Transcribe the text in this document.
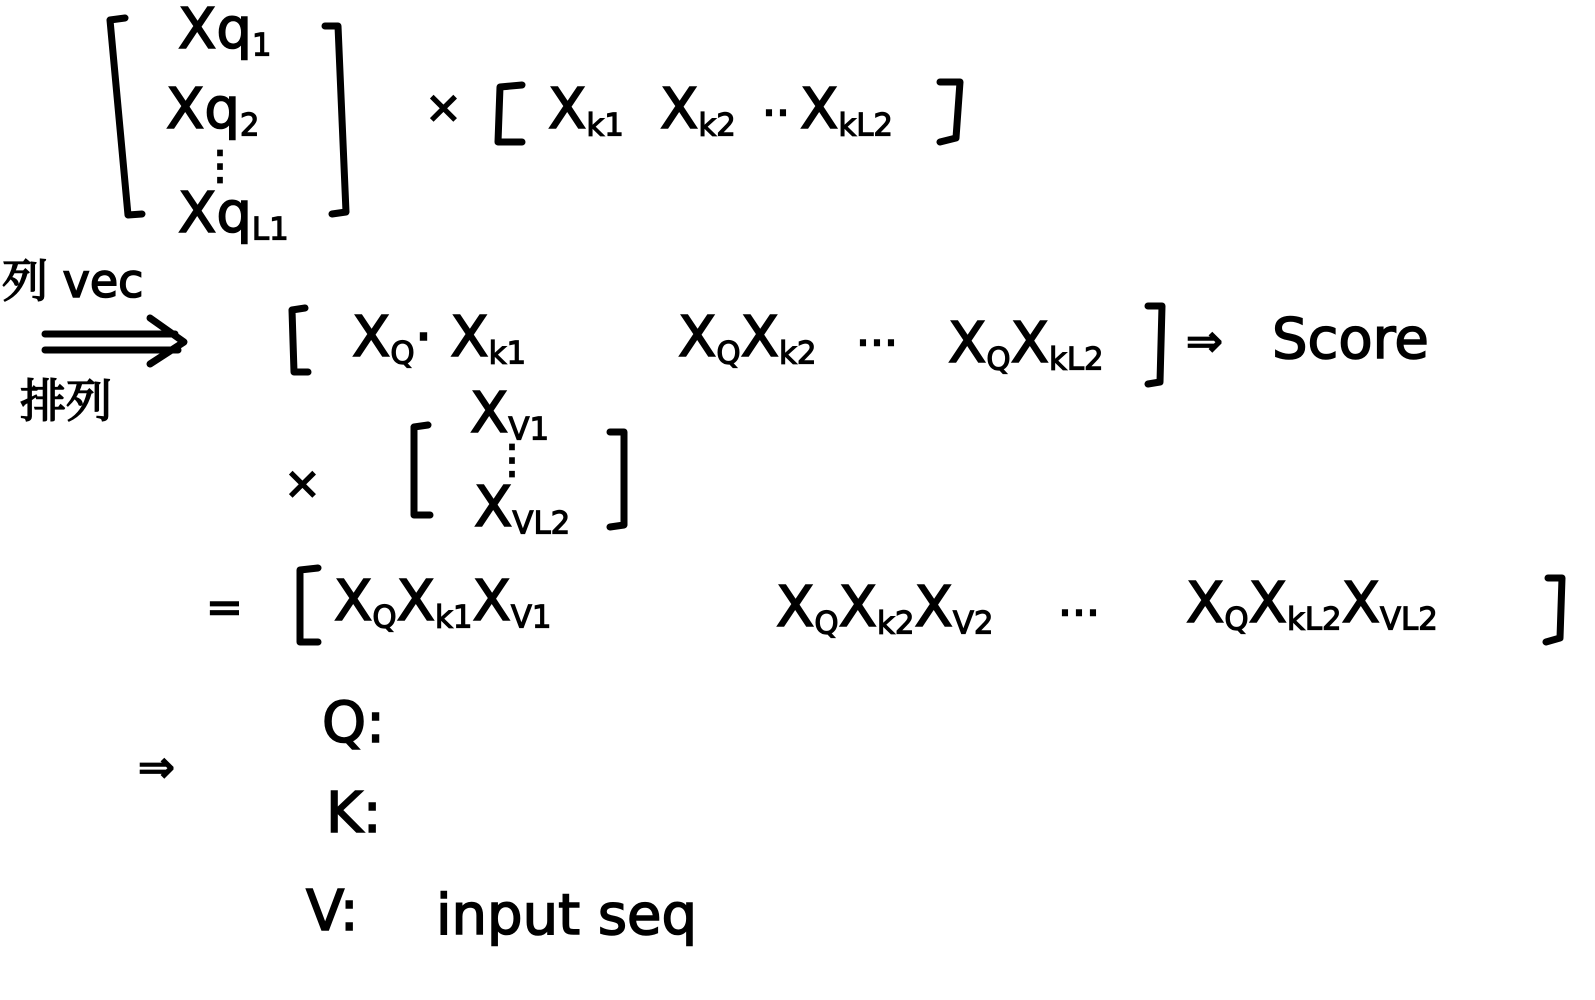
$Xq_1$
$Xq_2$
⋮
$Xq_{L1}$
× $X_{k1}$ $X_{k2} \cdot\cdot X_{kL2}$
列 vec
排列
$X_Q\cdot X_{k1}$	$X_QX_{k2}$ ··· $X_QX_{kL2}$ ⇒ Score
×
$X_{V1}$
⋮
$X_{VL2}$
= $X_QX_{k1}X_{V1}$	$X_QX_{k2}X_{V2}$ ··· $X_QX_{kL2}X_{VL2}$
⇒
Q:
K:
V: input seq
